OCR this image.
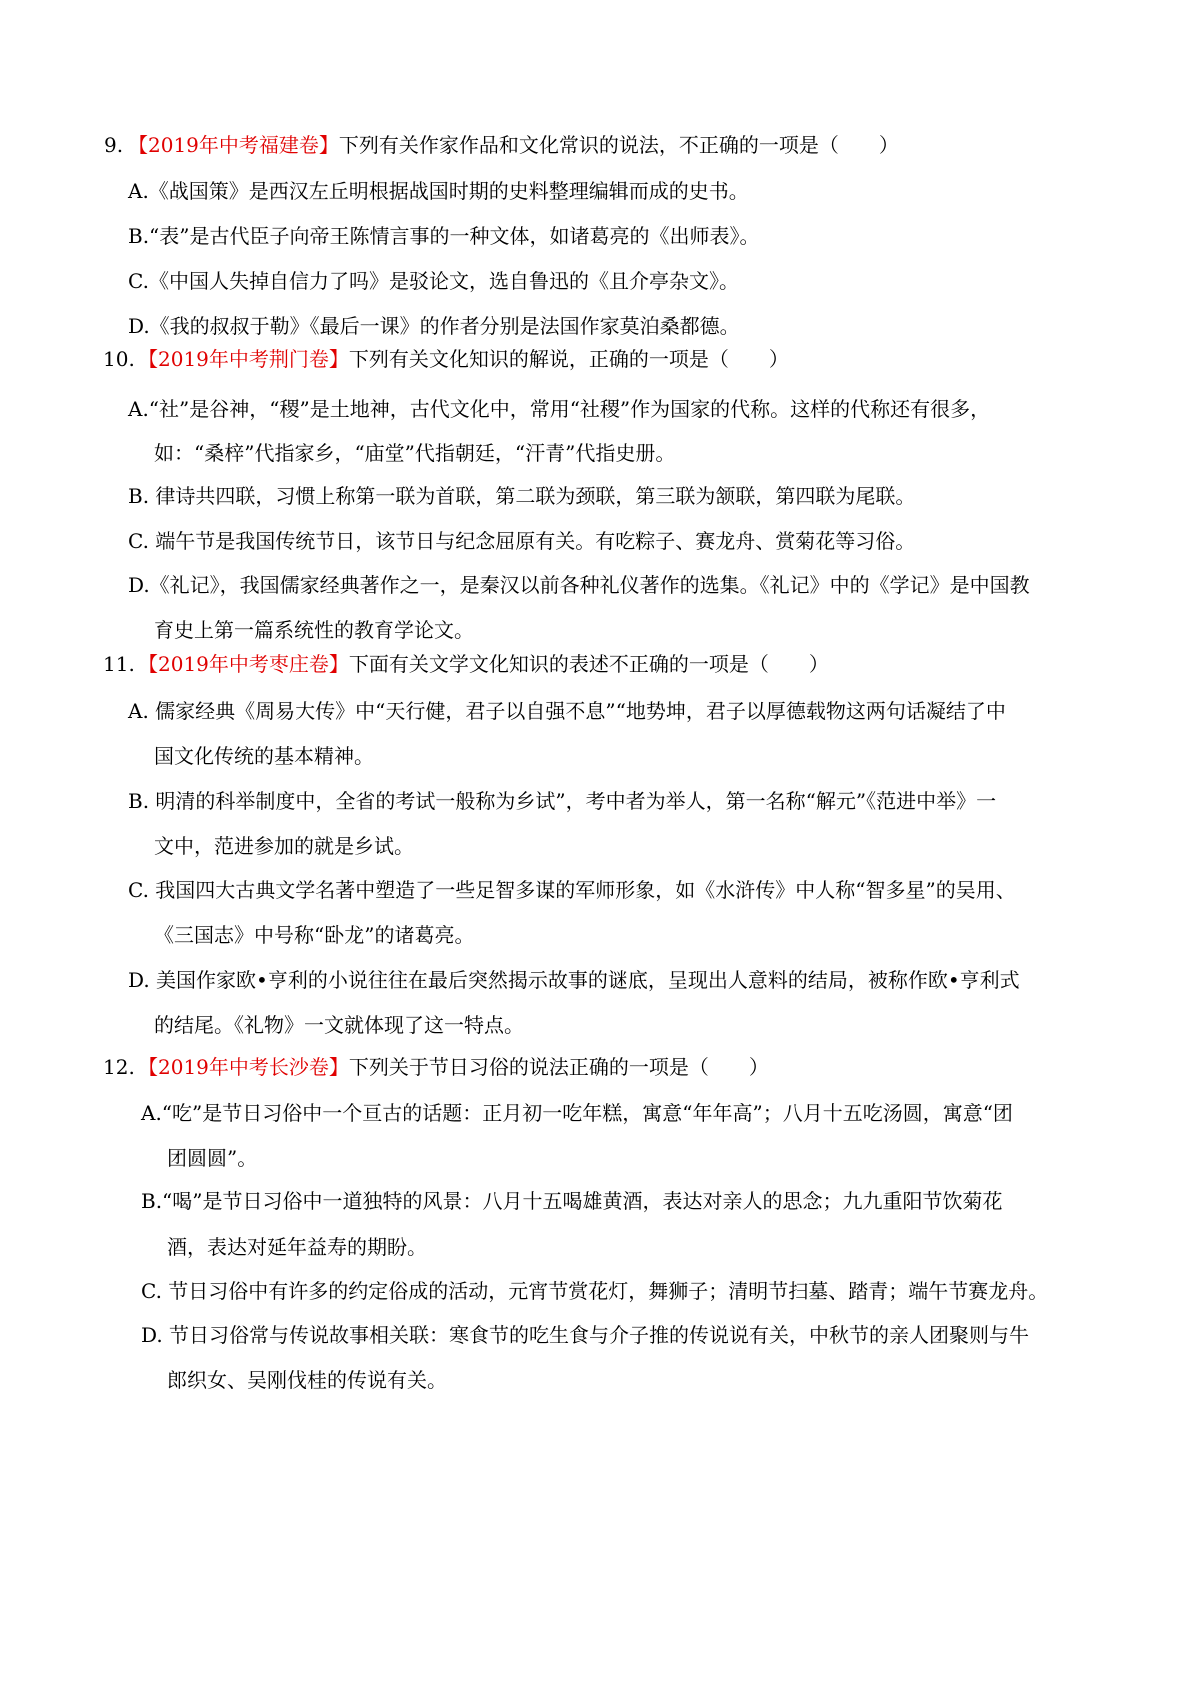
9. 【2019年中考福建卷】下列有关作家作品和文化常识的说法，不正确的一项是（　　）
A.《战国策》是西汉左丘明根据战国时期的史料整理编辑而成的史书。
B.“表”是古代臣子向帝王陈情言事的一种文体，如诸葛亮的《出师表》。
C.《中国人失掉自信力了吗》是驳论文，选自鲁迅的《且介亭杂文》。
D.《我的叔叔于勒》《最后一课》的作者分别是法国作家莫泊桑都德。
10. 【2019年中考荆门卷】下列有关文化知识的解说，正确的一项是（　　）
A.“社”是谷神，“稷”是土地神，古代文化中，常用“社稷”作为国家的代称。这样的代称还有很多，
如：“桑梓”代指家乡，“庙堂”代指朝廷，“汗青”代指史册。
B. 律诗共四联，习惯上称第一联为首联，第二联为颈联，第三联为颔联，第四联为尾联。
C. 端午节是我国传统节日，该节日与纪念屈原有关。有吃粽子、赛龙舟、赏菊花等习俗。
D.《礼记》，我国儒家经典著作之一，是秦汉以前各种礼仪著作的选集。《礼记》中的《学记》是中国教
育史上第一篇系统性的教育学论文。
11. 【2019年中考枣庄卷】下面有关文学文化知识的表述不正确的一项是（　　）
A. 儒家经典《周易大传》中“天行健，君子以自强不息”“地势坤，君子以厚德载物这两句话凝结了中
国文化传统的基本精神。
B. 明清的科举制度中，全省的考试一般称为乡试”，考中者为举人，第一名称“解元”《范进中举》一
文中，范进参加的就是乡试。
C. 我国四大古典文学名著中塑造了一些足智多谋的军师形象，如《水浒传》中人称“智多星”的吴用、
《三国志》中号称“卧龙”的诸葛亮。
D. 美国作家欧•亨利的小说往往在最后突然揭示故事的谜底，呈现出人意料的结局，被称作欧•亨利式
的结尾。《礼物》一文就体现了这一特点。
12. 【2019年中考长沙卷】下列关于节日习俗的说法正确的一项是（　　）
A.“吃”是节日习俗中一个亘古的话题：正月初一吃年糕，寓意“年年高”；八月十五吃汤圆，寓意“团
团圆圆”。
B.“喝”是节日习俗中一道独特的风景：八月十五喝雄黄酒，表达对亲人的思念；九九重阳节饮菊花
酒，表达对延年益寿的期盼。
C. 节日习俗中有许多的约定俗成的活动，元宵节赏花灯，舞狮子；清明节扫墓、踏青；端午节赛龙舟。
D. 节日习俗常与传说故事相关联：寒食节的吃生食与介子推的传说说有关，中秋节的亲人团聚则与牛
郎织女、吴刚伐桂的传说有关。
